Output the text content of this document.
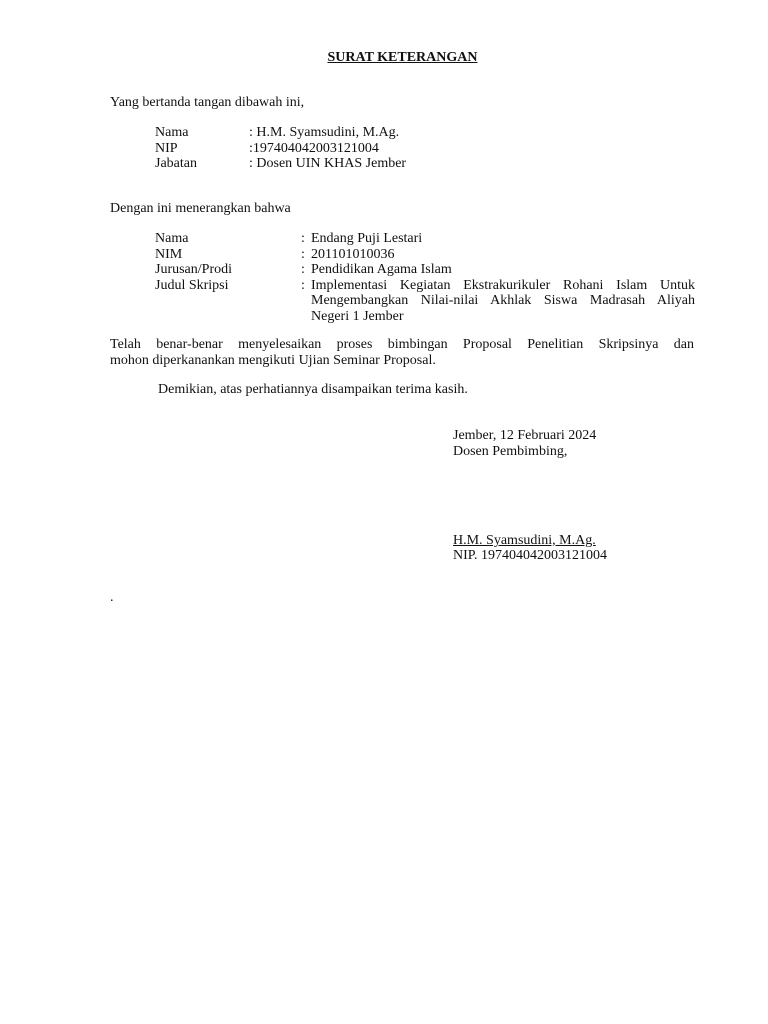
SURAT KETERANGAN
Yang bertanda tangan dibawah ini,
Nama	: H.M. Syamsudini, M.Ag.
NIP	:197404042003121004
Jabatan	: Dosen UIN KHAS Jember
Dengan ini menerangkan bahwa
Nama	: Endang Puji Lestari
NIM	: 201101010036
Jurusan/Prodi	: Pendidikan Agama Islam
Judul Skripsi	: Implementasi Kegiatan Ekstrakurikuler Rohani Islam Untuk
Mengembangkan Nilai-nilai Akhlak Siswa Madrasah Aliyah
Negeri 1 Jember
Telah benar-benar menyelesaikan proses bimbingan Proposal Penelitian Skripsinya dan
mohon diperkanankan mengikuti Ujian Seminar Proposal.
Demikian, atas perhatiannya disampaikan terima kasih.
Jember, 12 Februari 2024
Dosen Pembimbing,
H.M. Syamsudini, M.Ag.
NIP. 197404042003121004
.
